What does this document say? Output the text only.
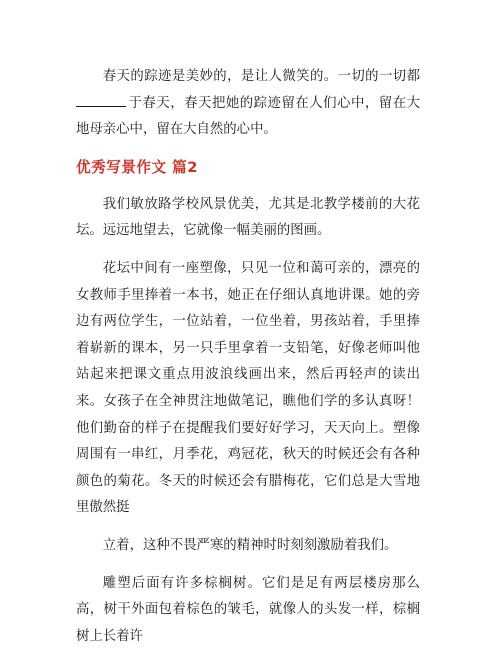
春天的踪迹是美妙的，是让人微笑的。一切的一切都于春天，春天把她的踪迹留在人们心中，留在大地母亲心中，留在大自然的心中。

优秀写景作文 篇2

我们敏放路学校风景优美，尤其是北教学楼前的大花坛。远远地望去，它就像一幅美丽的图画。

花坛中间有一座塑像，只见一位和蔼可亲的，漂亮的女教师手里捧着一本书，她正在仔细认真地讲课。她的旁边有两位学生，一位站着，一位坐着，男孩站着，手里捧着崭新的课本，另一只手里拿着一支铅笔，好像老师叫他站起来把课文重点用波浪线画出来，然后再轻声的读出来。女孩子在全神贯注地做笔记，瞧他们学的多认真呀！他们勤奋的样子在提醒我们要好好学习，天天向上。塑像周围有一串红，月季花，鸡冠花，秋天的时候还会有各种颜色的菊花。冬天的时候还会有腊梅花，它们总是大雪地里傲然挺

立着，这种不畏严寒的精神时时刻刻激励着我们。

雕塑后面有许多棕榈树。它们是足有两层楼房那么高，树干外面包着棕色的皱毛，就像人的头发一样，棕榈树上长着许
